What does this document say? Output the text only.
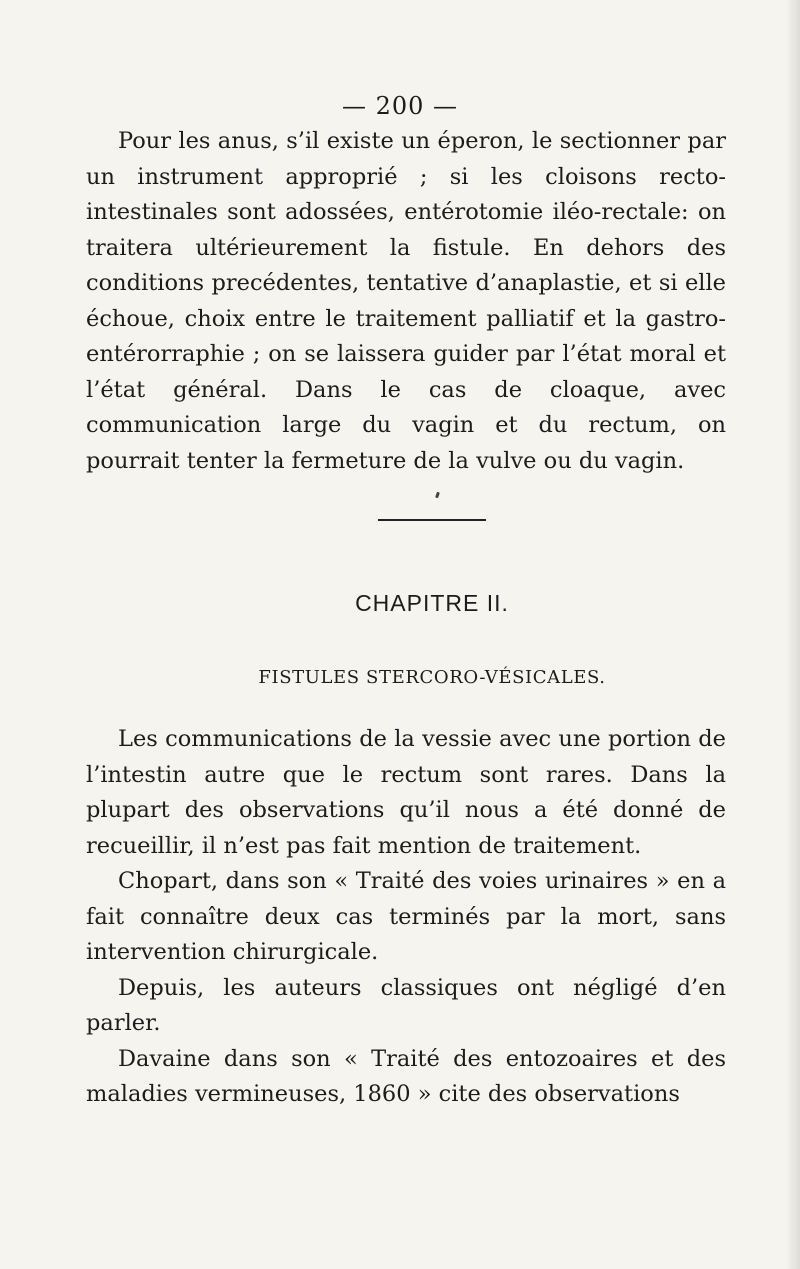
— 200 —

Pour les anus, s’il existe un éperon, le sectionner par un instrument approprié ; si les cloisons recto-intestinales sont adossées, entérotomie iléo-rectale: on traitera ultérieurement la fistule. En dehors des conditions precédentes, tentative d’anaplastie, et si elle échoue, choix entre le traitement palliatif et la gastro-entérorraphie ; on se laissera guider par l’état moral et l’état général. Dans le cas de cloaque, avec communication large du vagin et du rectum, on pourrait tenter la fermeture de la vulve ou du vagin.

CHAPITRE II.
FISTULES STERCORO-VÉSICALES.

Les communications de la vessie avec une portion de l’intestin autre que le rectum sont rares. Dans la plupart des observations qu’il nous a été donné de recueillir, il n’est pas fait mention de traitement.

Chopart, dans son « Traité des voies urinaires » en a fait connaître deux cas terminés par la mort, sans intervention chirurgicale.

Depuis, les auteurs classiques ont négligé d’en parler.

Davaine dans son « Traité des entozoaires et des maladies vermineuses, 1860 » cite des observations
